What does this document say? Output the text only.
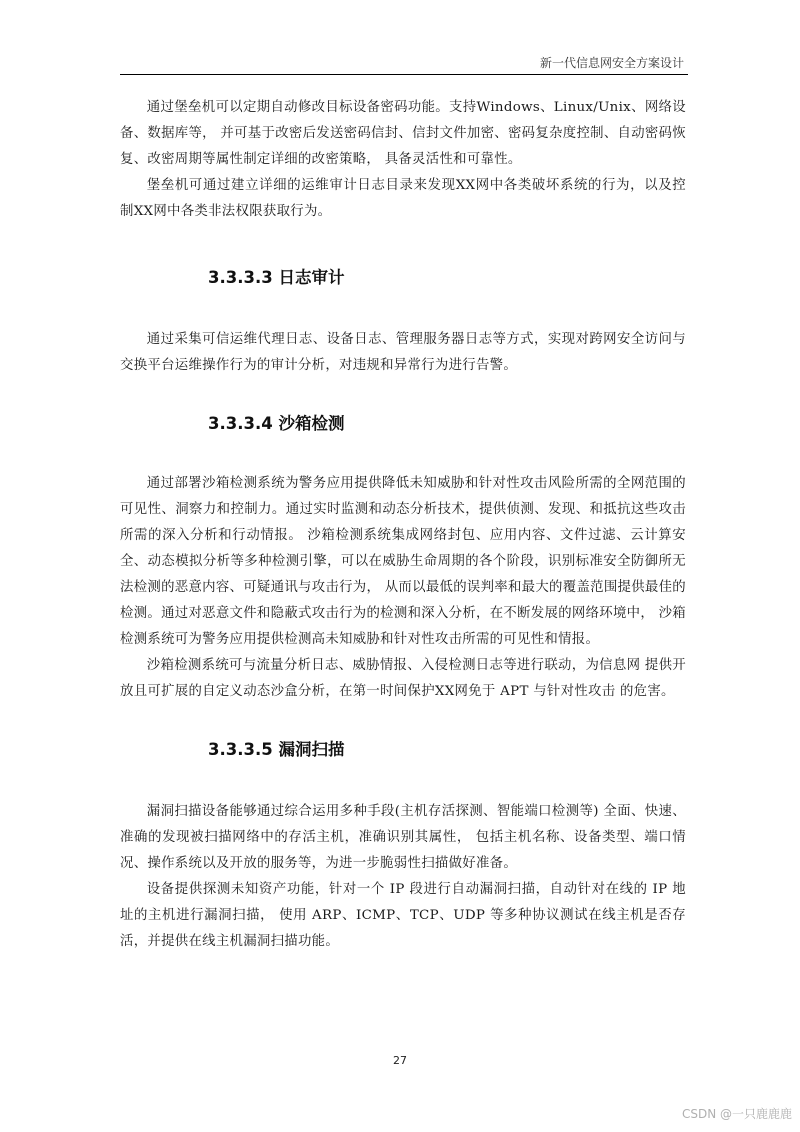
新一代信息网安全方案设计

通过堡垒机可以定期自动修改目标设备密码功能。支持Windows、Linux/Unix、网络设备、数据库等， 并可基于改密后发送密码信封、信封文件加密、密码复杂度控制、自动密码恢复、改密周期等属性制定详细的改密策略， 具备灵活性和可靠性。

堡垒机可通过建立详细的运维审计日志目录来发现XX网中各类破坏系统的行为，以及控制XX网中各类非法权限获取行为。

3.3.3.3 日志审计

通过采集可信运维代理日志、设备日志、管理服务器日志等方式，实现对跨网安全访问与交换平台运维操作行为的审计分析，对违规和异常行为进行告警。

3.3.3.4 沙箱检测

通过部署沙箱检测系统为警务应用提供降低未知威胁和针对性攻击风险所需的全网范围的可见性、洞察力和控制力。通过实时监测和动态分析技术，提供侦测、发现、和抵抗这些攻击所需的深入分析和行动情报。 沙箱检测系统集成网络封包、应用内容、文件过滤、云计算安全、动态模拟分析等多种检测引擎，可以在威胁生命周期的各个阶段，识别标准安全防御所无法检测的恶意内容、可疑通讯与攻击行为， 从而以最低的误判率和最大的覆盖范围提供最佳的检测。通过对恶意文件和隐蔽式攻击行为的检测和深入分析，在不断发展的网络环境中， 沙箱检测系统可为警务应用提供检测高未知威胁和针对性攻击所需的可见性和情报。

沙箱检测系统可与流量分析日志、威胁情报、入侵检测日志等进行联动，为信息网 提供开放且可扩展的自定义动态沙盒分析，在第一时间保护XX网免于 APT 与针对性攻击 的危害。

3.3.3.5 漏洞扫描

漏洞扫描设备能够通过综合运用多种手段(主机存活探测、智能端口检测等) 全面、快速、准确的发现被扫描网络中的存活主机，准确识别其属性， 包括主机名称、设备类型、端口情况、操作系统以及开放的服务等，为进一步脆弱性扫描做好准备。

设备提供探测未知资产功能，针对一个 IP 段进行自动漏洞扫描，自动针对在线的 IP 地址的主机进行漏洞扫描， 使用 ARP、ICMP、TCP、UDP 等多种协议测试在线主机是否存活，并提供在线主机漏洞扫描功能。

27
CSDN @一只鹿鹿鹿
